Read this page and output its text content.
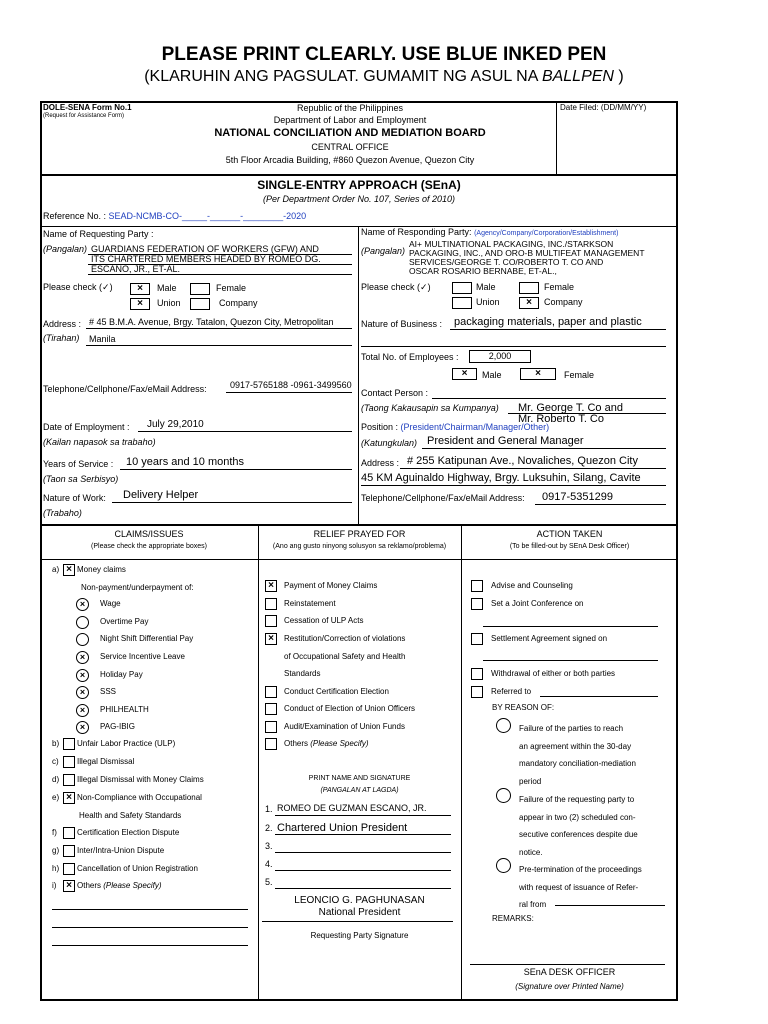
PLEASE PRINT CLEARLY. USE BLUE INKED PEN
(KLARUHIN ANG PAGSULAT. GUMAMIT NG ASUL NA BALLPEN )
DOLE-SENA Form No.1
(Request for Assistance Form)
Republic of the Philippines
Department of Labor and Employment
NATIONAL CONCILIATION AND MEDIATION BOARD
CENTRAL OFFICE
5th Floor Arcadia Building, #860 Quezon Avenue, Quezon City
Date Filed: (DD/MM/YY)
SINGLE-ENTRY APPROACH (SEnA)
(Per Department Order No. 107, Series of 2010)
Reference No. : SEAD-NCMB-CO-_____-______-________-2020
Name of Requesting Party :
(Pangalan) GUARDIANS FEDERATION OF WORKERS (GFW) AND
ITS CHARTERED MEMBERS HEADED BY ROMEO DG.
ESCANO, JR., ET-AL.
Please check (✓)	×	Male	Female
×	Union	Company
Address : # 45 B.M.A. Avenue, Brgy. Tatalon, Quezon City, Metropolitan
(Tirahan) Manila
Telephone/Cellphone/Fax/eMail Address:	0917-5765188 -0961-3499560
Date of Employment : July 29,2010
(Kailan napasok sa trabaho)
Years of Service : 10 years and 10 months
(Taon sa Serbisyo)
Nature of Work: Delivery Helper
(Trabaho)
Name of Responding Party: (Agency/Company/Corporation/Establishment)
(Pangalan)
AI+ MULTINATIONAL PACKAGING, INC./STARKSON
PACKAGING, INC., AND ORO-B MULTIFEAT MANAGEMENT
SERVICES/GEORGE T. CO/ROBERTO T. CO AND
OSCAR ROSARIO BERNABE, ET-AL.,
Please check (✓)	Male	Female
Union	×	Company
Nature of Business : packaging materials, paper and plastic
Total No. of Employees :	2,000
×	Male	×	Female
Contact Person :
(Taong Kakausapin sa Kumpanya) Mr. George T. Co and
Mr. Roberto T. Co
Position : (President/Chairman/Manager/Other)
(Katungkulan) President and General Manager
Address : # 255 Katipunan Ave., Novaliches, Quezon City
45 KM Aguinaldo Highway, Brgy. Luksuhin, Silang, Cavite
Telephone/Cellphone/Fax/eMail Address: 0917-5351299
CLAIMS/ISSUES
(Please check the appropriate boxes)
RELIEF PRAYED FOR
(Ano ang gusto ninyong solusyon sa reklamo/problema)
ACTION TAKEN
(To be filled-out by SEnA Desk Officer)
a) × Money claims
Non-payment/underpayment of:
×	Wage
Overtime Pay
Night Shift Differential Pay
×	Service Incentive Leave
×	Holiday Pay
×	SSS
×	PHILHEALTH
×	PAG-IBIG
b) Unfair Labor Practice (ULP)
c) Illegal Dismissal
d) Illegal Dismissal with Money Claims
e) × Non-Compliance with Occupational
Health and Safety Standards
f)	Certification Election Dispute
g) Inter/Intra-Union Dispute
h) Cancellation of Union Registration
i) × Others (Please Specify)
×	Payment of Money Claims
Reinstatement
Cessation of ULP Acts
×	Restitution/Correction of violations
of Occupational Safety and Health
Standards
Conduct Certification Election
Conduct of Election of Union Officers
Audit/Examination of Union Funds
Others (Please Specify)
PRINT NAME AND SIGNATURE
(PANGALAN AT LAGDA)
1. ROMEO DE GUZMAN ESCANO, JR.
2. Chartered Union President
3.
4.
5.
LEONCIO G. PAGHUNASAN
National President
Requesting Party Signature
Advise and Counseling
Set a Joint Conference on
Settlement Agreement signed on
Withdrawal of either or both parties
Referred to
BY REASON OF:
Failure of the parties to reach
an agreement within the 30-day
mandatory conciliation-mediation
period
Failure of the requesting party to
appear in two (2) scheduled con-
secutive conferences despite due
notice.
Pre-termination of the proceedings
with request of issuance of Refer-
ral from
REMARKS:
SEnA DESK OFFICER
(Signature over Printed Name)
